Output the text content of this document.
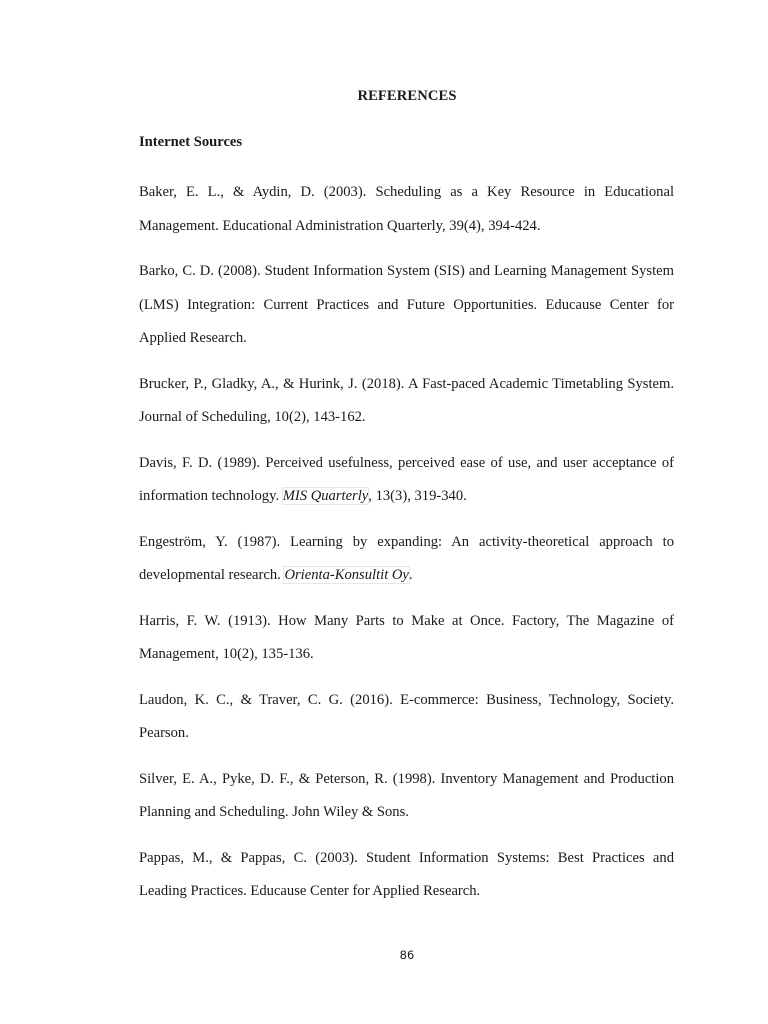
REFERENCES
Internet Sources
Baker, E. L., & Aydin, D. (2003). Scheduling as a Key Resource in Educational Management. Educational Administration Quarterly, 39(4), 394-424.
Barko, C. D. (2008). Student Information System (SIS) and Learning Management System (LMS) Integration: Current Practices and Future Opportunities. Educause Center for Applied Research.
Brucker, P., Gladky, A., & Hurink, J. (2018). A Fast-paced Academic Timetabling System. Journal of Scheduling, 10(2), 143-162.
Davis, F. D. (1989). Perceived usefulness, perceived ease of use, and user acceptance of information technology. MIS Quarterly, 13(3), 319-340.
Engeström, Y. (1987). Learning by expanding: An activity-theoretical approach to developmental research. Orienta-Konsultit Oy.
Harris, F. W. (1913). How Many Parts to Make at Once. Factory, The Magazine of Management, 10(2), 135-136.
Laudon, K. C., & Traver, C. G. (2016). E-commerce: Business, Technology, Society. Pearson.
Silver, E. A., Pyke, D. F., & Peterson, R. (1998). Inventory Management and Production Planning and Scheduling. John Wiley & Sons.
Pappas, M., & Pappas, C. (2003). Student Information Systems: Best Practices and Leading Practices. Educause Center for Applied Research.
86
